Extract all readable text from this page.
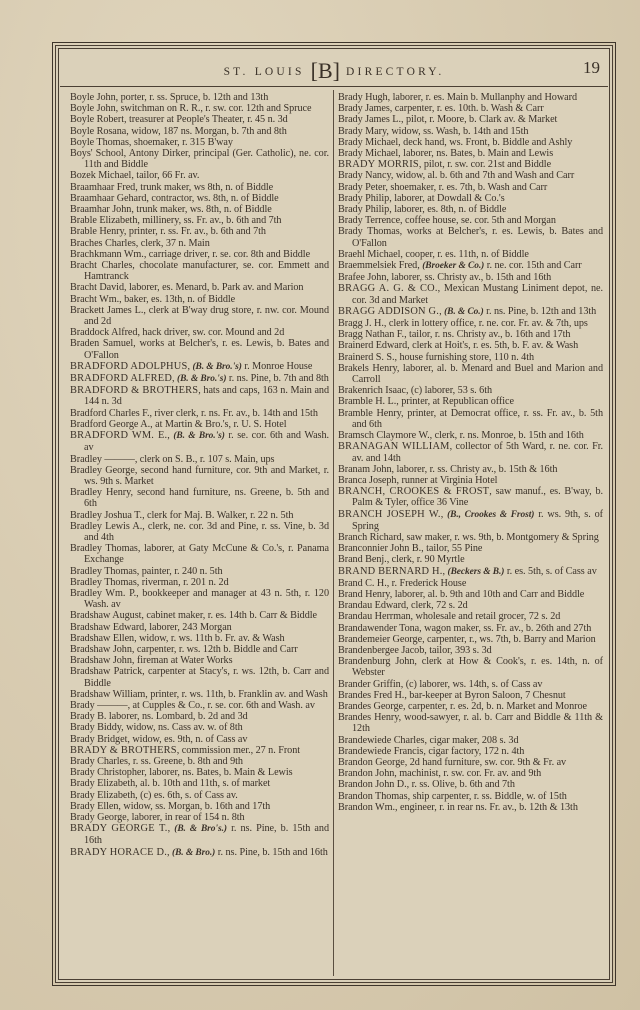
ST. LOUIS [B] DIRECTORY.	19
Boyle John, porter, r. ss. Spruce, b. 12th and 13th
Boyle John, switchman on R. R., r. sw. cor. 12th and Spruce
Boyle Robert, treasurer at People's Theater, r. 45 n. 3d
Boyle Rosana, widow, 187 ns. Morgan, b. 7th and 8th
Boyle Thomas, shoemaker, r. 315 B'way
Boys' School, Antony Dirker, principal (Ger. Catholic), ne. cor. 11th and Biddle
Bozek Michael, tailor, 66 Fr. av.
Braamhaar Fred, trunk maker, ws 8th, n. of Biddle
Braamhaar Gehard, contractor, ws. 8th, n. of Biddle
Braamhar John, trunk maker, ws. 8th, n. of Biddle
Brable Elizabeth, millinery, ss. Fr. av., b. 6th and 7th
Brable Henry, printer, r. ss. Fr. av., b. 6th and 7th
Braches Charles, clerk, 37 n. Main
Brachkmann Wm., carriage driver, r. se. cor. 8th and Biddle
Bracht Charles, chocolate manufacturer, se. cor. Emmett and Hamtranck
Bracht David, laborer, es. Menard, b. Park av. and Marion
Bracht Wm., baker, es. 13th, n. of Biddle
Brackett James L., clerk at B'way drug store, r. nw. cor. Mound and 2d
Braddock Alfred, hack driver, sw. cor. Mound and 2d
Braden Samuel, works at Belcher's, r. es. Lewis, b. Bates and O'Fallon
BRADFORD ADOLPHUS, (B. & Bro.'s) r. Monroe House
BRADFORD ALFRED, (B. & Bro.'s) r. ns. Pine, b. 7th and 8th
BRADFORD & BROTHERS, hats and caps, 163 n. Main and 144 n. 3d
Bradford Charles F., river clerk, r. ns. Fr. av., b. 14th and 15th
Bradford George A., at Martin & Bro.'s, r. U. S. Hotel
BRADFORD WM. E., (B. & Bro.'s) r. se. cor. 6th and Wash. av
Bradley ———, clerk on S. B., r. 107 s. Main, ups
Bradley George, second hand furniture, cor. 9th and Market, r. ws. 9th s. Market
Bradley Henry, second hand furniture, ns. Greene, b. 5th and 6th
Bradley Joshua T., clerk for Maj. B. Walker, r. 22 n. 5th
Bradley Lewis A., clerk, ne. cor. 3d and Pine, r. ss. Vine, b. 3d and 4th
Bradley Thomas, laborer, at Gaty McCune & Co.'s, r. Panama Exchange
Bradley Thomas, painter, r. 240 n. 5th
Bradley Thomas, riverman, r. 201 n. 2d
Bradley Wm. P., bookkeeper and manager at 43 n. 5th, r. 120 Wash. av
Bradshaw August, cabinet maker, r. es. 14th b. Carr & Biddle
Bradshaw Edward, laborer, 243 Morgan
Bradshaw Ellen, widow, r. ws. 11th b. Fr. av. & Wash
Bradshaw John, carpenter, r. ws. 12th b. Biddle and Carr
Bradshaw John, fireman at Water Works
Bradshaw Patrick, carpenter at Stacy's, r. ws. 12th, b. Carr and Biddle
Bradshaw William, printer, r. ws. 11th, b. Franklin av. and Wash
Brady ———, at Cupples & Co., r. se. cor. 6th and Wash. av
Brady B. laborer, ns. Lombard, b. 2d and 3d
Brady Biddy, widow, ns. Cass av. w. of 8th
Brady Bridget, widow, es. 9th, n. of Cass av
BRADY & BROTHERS, commission mer., 27 n. Front
Brady Charles, r. ss. Greene, b. 8th and 9th
Brady Christopher, laborer, ns. Bates, b. Main & Lewis
Brady Elizabeth, al. b. 10th and 11th, s. of market
Brady Elizabeth, (c) es. 6th, s. of Cass av.
Brady Ellen, widow, ss. Morgan, b. 16th and 17th
Brady George, laborer, in rear of 154 n. 8th
BRADY GEORGE T., (B. & Bro's.) r. ns. Pine, b. 15th and 16th
BRADY HORACE D., (B. & Bro.) r. ns. Pine, b. 15th and 16th
Brady Hugh, laborer, r. es. Main b. Mullanphy and Howard
Brady James, carpenter, r. es. 10th. b. Wash & Carr
Brady James L., pilot, r. Moore, b. Clark av. & Market
Brady Mary, widow, ss. Wash, b. 14th and 15th
Brady Michael, deck hand, ws. Front, b. Biddle and Ashly
Brady Michael, laborer, ns. Bates, b. Main and Lewis
BRADY MORRIS, pilot, r. sw. cor. 21st and Biddle
Brady Nancy, widow, al. b. 6th and 7th and Wash and Carr
Brady Peter, shoemaker, r. es. 7th, b. Wash and Carr
Brady Philip, laborer, at Dowdall & Co.'s
Brady Philip, laborer, es. 8th, n. of Biddle
Brady Terrence, coffee house, se. cor. 5th and Morgan
Brady Thomas, works at Belcher's, r. es. Lewis, b. Bates and O'Fallon
Braehl Michael, cooper, r. es. 11th, n. of Biddle
Braemmelsiek Fred, (Broeker & Co.) r. ne. cor. 15th and Carr
Brafee John, laborer, ss. Christy av., b. 15th and 16th
BRAGG A. G. & CO., Mexican Mustang Liniment depot, ne. cor. 3d and Market
BRAGG ADDISON G., (B. & Co.) r. ns. Pine, b. 12th and 13th
Bragg J. H., clerk in lottery office, r. ne. cor. Fr. av. & 7th, ups
Bragg Nathan F., tailor, r. ns. Christy av., b. 16th and 17th
Brainerd Edward, clerk at Hoit's, r. es. 5th, b. F. av. & Wash
Brainerd S. S., house furnishing store, 110 n. 4th
Brakels Henry, laborer, al. b. Menard and Buel and Marion and Carroll
Brakenrich Isaac, (c) laborer, 53 s. 6th
Bramble H. L., printer, at Republican office
Bramble Henry, printer, at Democrat office, r. ss. Fr. av., b. 5th and 6th
Bramsch Claymore W., clerk, r. ns. Monroe, b. 15th and 16th
BRANAGAN WILLIAM, collector of 5th Ward, r. ne. cor. Fr. av. and 14th
Branam John, laborer, r. ss. Christy av., b. 15th & 16th
Branca Joseph, runner at Virginia Hotel
BRANCH, CROOKES & FROST, saw manuf., es. B'way, b. Palm & Tyler, office 36 Vine
BRANCH JOSEPH W., (B., Crookes & Frost) r. ws. 9th, s. of Spring
Branch Richard, saw maker, r. ws. 9th, b. Montgomery & Spring
Branconnier John B., tailor, 55 Pine
Brand Benj., clerk, r. 90 Myrtle
BRAND BERNARD H., (Beckers & B.) r. es. 5th, s. of Cass av
Brand C. H., r. Frederick House
Brand Henry, laborer, al. b. 9th and 10th and Carr and Biddle
Brandau Edward, clerk, 72 s. 2d
Brandau Herrman, wholesale and retail grocer, 72 s. 2d
Brandawender Tona, wagon maker, ss. Fr. av., b. 26th and 27th
Brandemeier George, carpenter, r., ws. 7th, b. Barry and Marion
Brandenbergee Jacob, tailor, 393 s. 3d
Brandenburg John, clerk at How & Cook's, r. es. 14th, n. of Webster
Brander Griffin, (c) laborer, ws. 14th, s. of Cass av
Brandes Fred H., bar-keeper at Byron Saloon, 7 Chesnut
Brandes George, carpenter, r. es. 2d, b. n. Market and Monroe
Brandes Henry, wood-sawyer, r. al. b. Carr and Biddle & 11th & 12th
Brandewiede Charles, cigar maker, 208 s. 3d
Brandewiede Francis, cigar factory, 172 n. 4th
Brandon George, 2d hand furniture, sw. cor. 9th & Fr. av
Brandon John, machinist, r. sw. cor. Fr. av. and 9th
Brandon John D., r. ss. Olive, b. 6th and 7th
Brandon Thomas, ship carpenter, r. ss. Biddle, w. of 15th
Brandon Wm., engineer, r. in rear ns. Fr. av., b. 12th & 13th
